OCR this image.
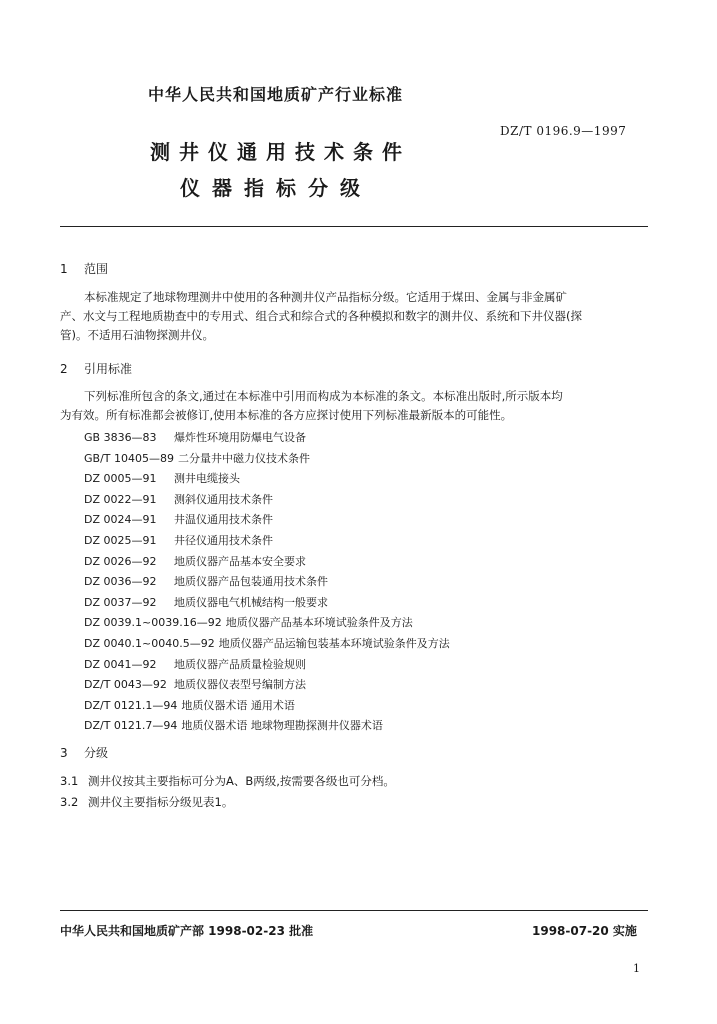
中华人民共和国地质矿产行业标准
DZ/T 0196.9—1997
测井仪通用技术条件
仪器指标分级
1 范围

本标准规定了地球物理测井中使用的各种测井仪产品指标分级。它适用于煤田、金属与非金属矿

产、水文与工程地质勘查中的专用式、组合式和综合式的各种模拟和数字的测井仪、系统和下井仪器(探

管)。不适用石油物探测井仪。

2 引用标准

下列标准所包含的条文,通过在本标准中引用而构成为本标准的条文。本标准出版时,所示版本均

为有效。所有标准都会被修订,使用本标准的各方应探讨使用下列标准最新版本的可能性。

GB 3836—83 爆炸性环境用防爆电气设备
GB/T 10405—89 二分量井中磁力仪技术条件
DZ 0005—91 测井电缆接头
DZ 0022—91 测斜仪通用技术条件
DZ 0024—91 井温仪通用技术条件
DZ 0025—91 井径仪通用技术条件
DZ 0026—92 地质仪器产品基本安全要求
DZ 0036—92 地质仪器产品包装通用技术条件
DZ 0037—92 地质仪器电气机械结构一般要求
DZ 0039.1~0039.16—92 地质仪器产品基本环境试验条件及方法
DZ 0040.1~0040.5—92 地质仪器产品运输包装基本环境试验条件及方法
DZ 0041—92 地质仪器产品质量检验规则
DZ/T 0043—92 地质仪器仪表型号编制方法
DZ/T 0121.1—94 地质仪器术语 通用术语
DZ/T 0121.7—94 地质仪器术语 地球物理勘探测井仪器术语
3 分级

3.1 测井仪按其主要指标可分为A、B两级,按需要各级也可分档。

3.2 测井仪主要指标分级见表1。

中华人民共和国地质矿产部 1998-02-23 批准	1998-07-20 实施
1
